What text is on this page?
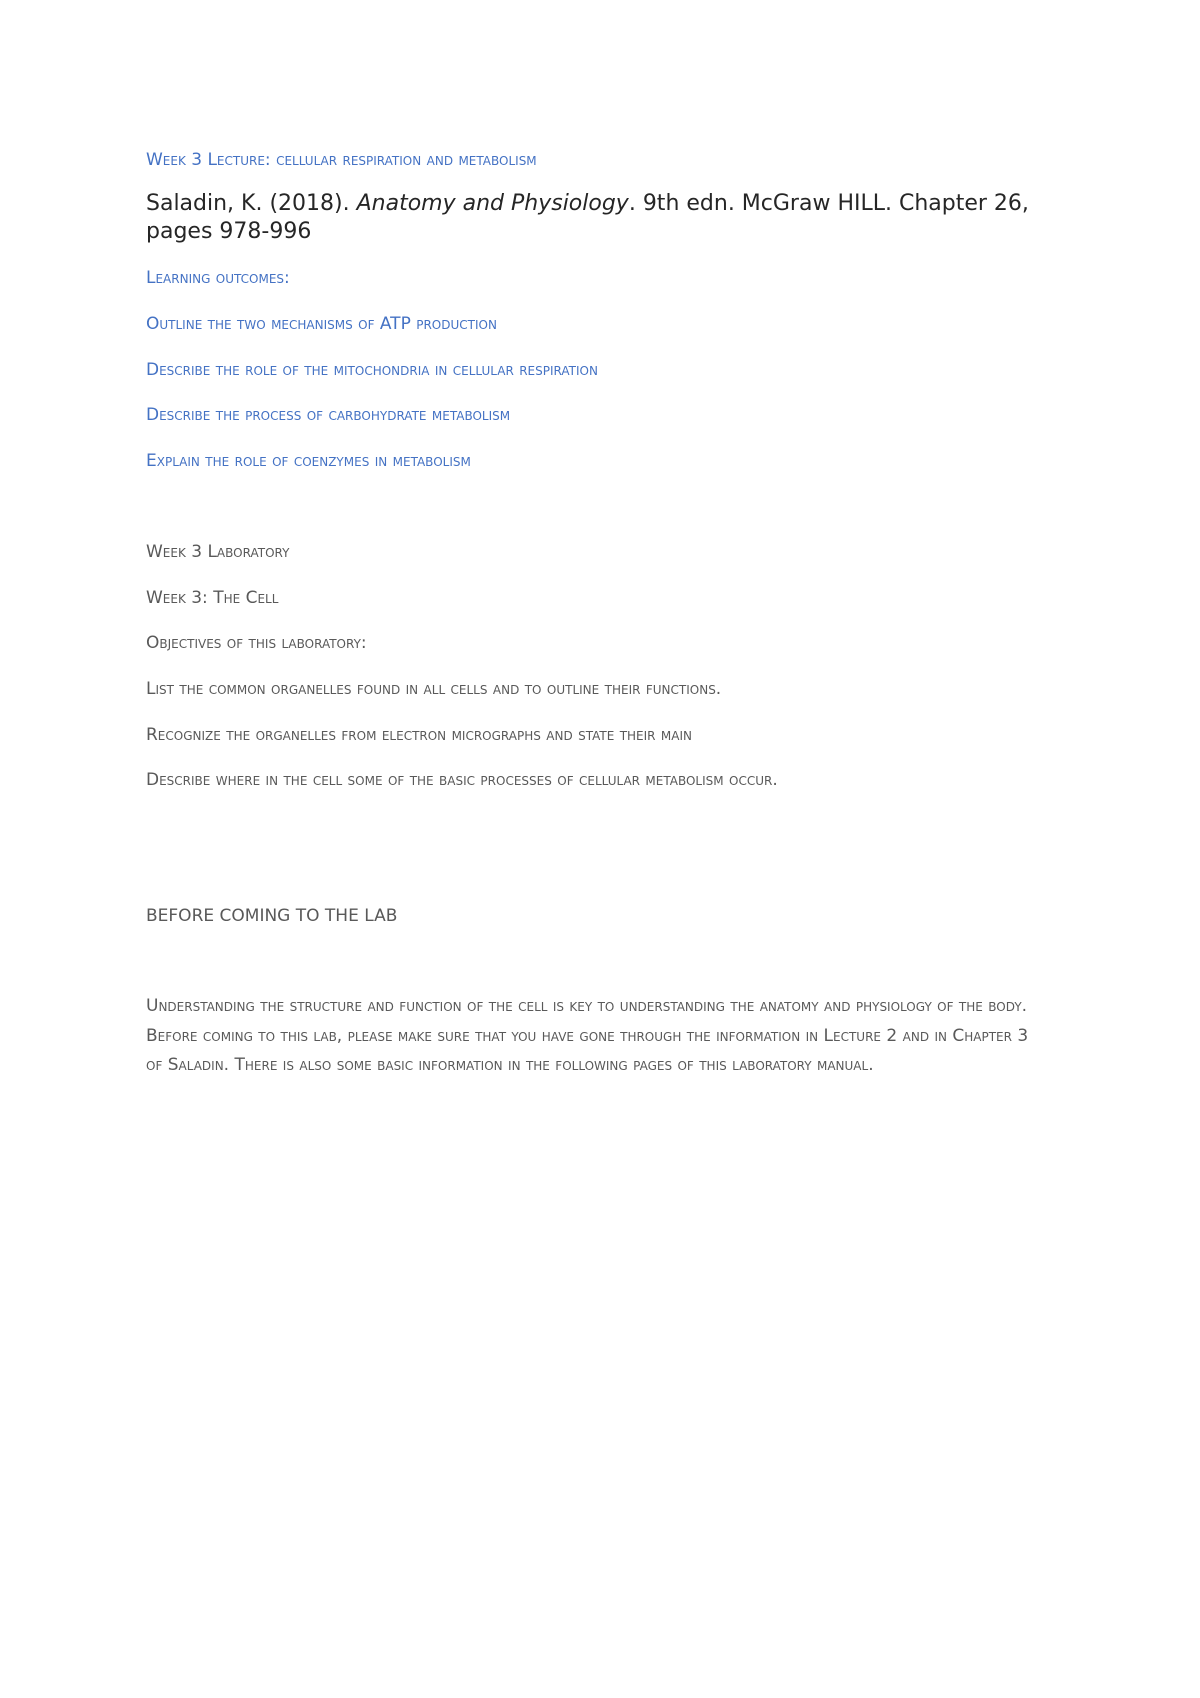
Week 3 Lecture: cellular respiration and metabolism

Saladin, K. (2018). Anatomy and Physiology. 9th edn. McGraw HILL. Chapter 26, pages 978-996

Learning outcomes:

Outline the two mechanisms of ATP production

Describe the role of the mitochondria in cellular respiration

Describe the process of carbohydrate metabolism

Explain the role of coenzymes in metabolism

Week 3 Laboratory

Week 3: The Cell

Objectives of this laboratory:

List the common organelles found in all cells and to outline their functions.

Recognize the organelles from electron micrographs and state their main

Describe where in the cell some of the basic processes of cellular metabolism occur.

BEFORE COMING TO THE LAB

Understanding the structure and function of the cell is key to understanding the anatomy and physiology of the body. Before coming to this lab, please make sure that you have gone through the information in Lecture 2 and in Chapter 3 of Saladin. There is also some basic information in the following pages of this laboratory manual.
